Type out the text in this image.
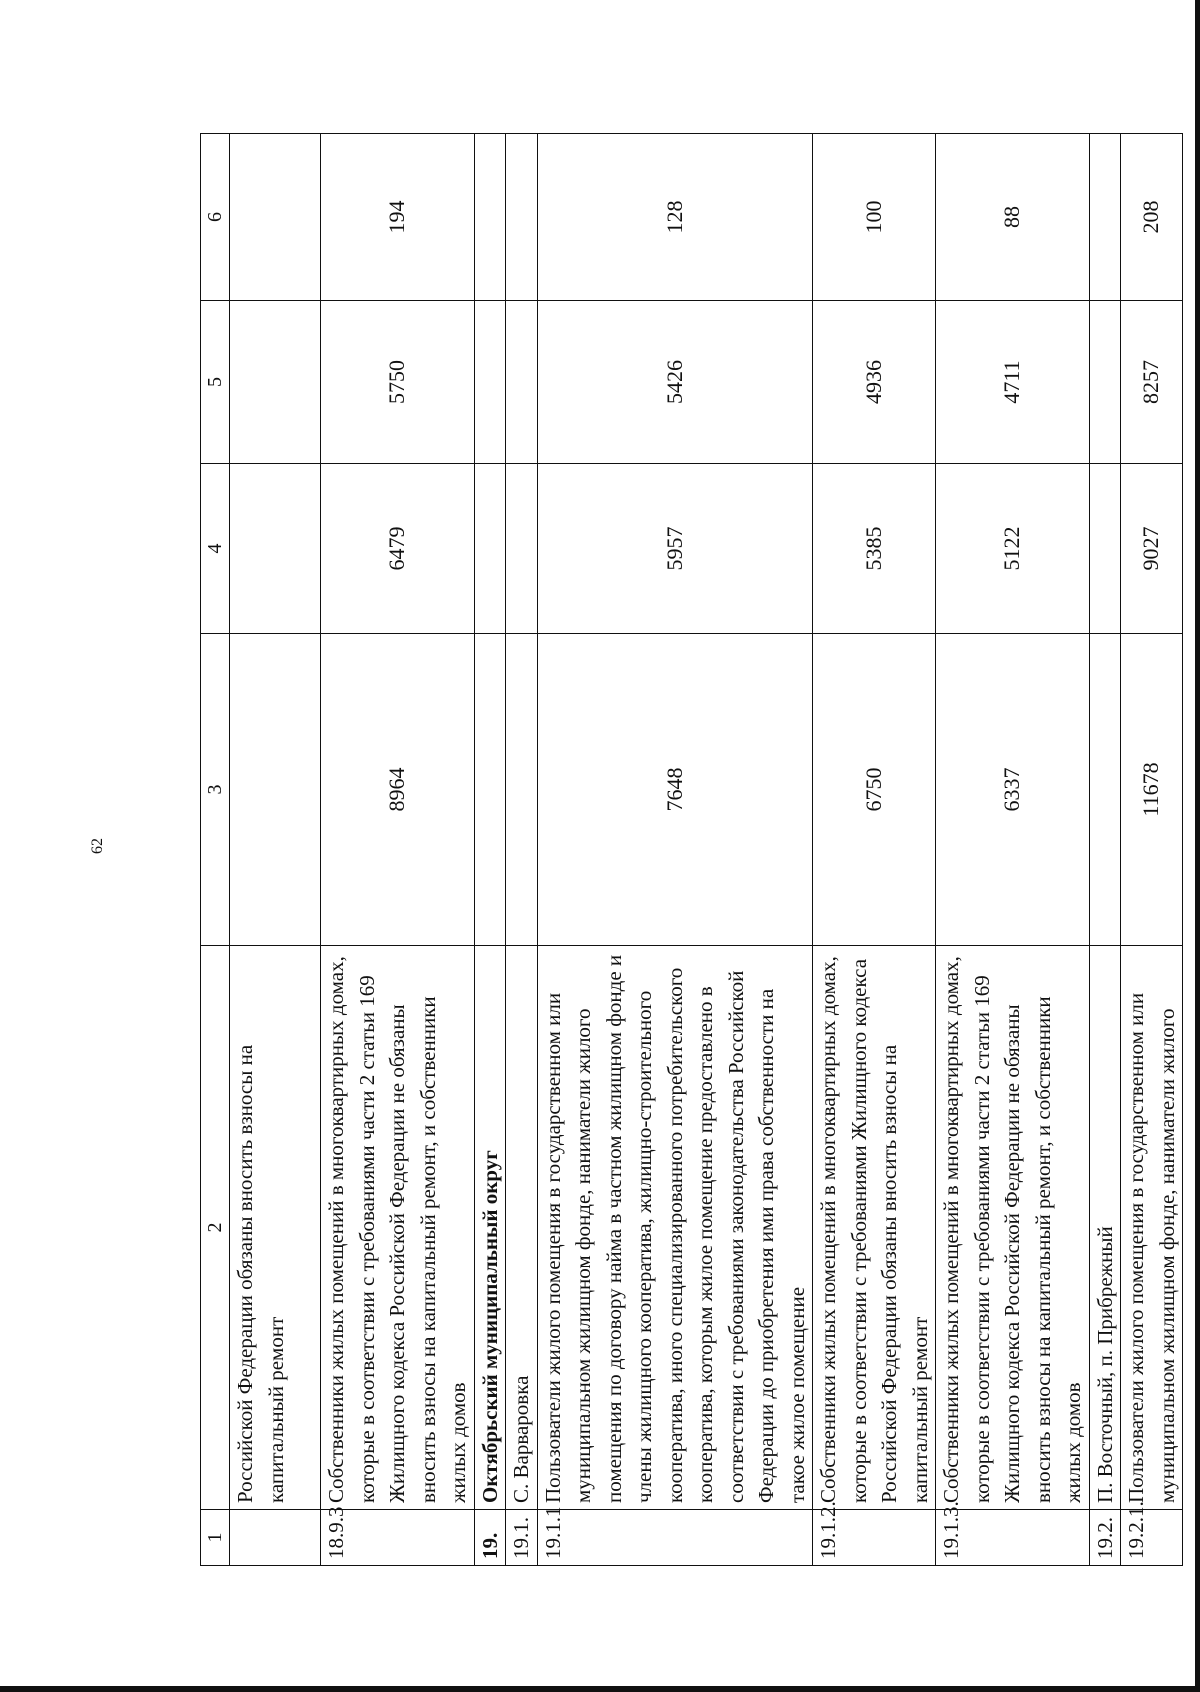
62
1	2	3	4	5	6
	Российской Федерации обязаны вносить взносы на капитальный ремонт				
18.9.3	Собственники жилых помещений в многоквартирных домах, которые в соответствии с требованиями части 2 статьи 169 Жилищного кодекса Российской Федерации не обязаны вносить взносы на капитальный ремонт, и собственники жилых домов	8964	6479	5750	194
19.	Октябрьский муниципальный округ				
19.1.	С. Варваровка				
19.1.1	Пользователи жилого помещения в государственном или муниципальном жилищном фонде, наниматели жилого помещения по договору найма в частном жилищном фонде и члены жилищного кооператива, жилищно-строительного кооператива, иного специализированного потребительского кооператива, которым жилое помещение предоставлено в соответствии с требованиями законодательства Российской Федерации до приобретения ими права собственности на такое жилое помещение	7648	5957	5426	128
19.1.2.	Собственники жилых помещений в многоквартирных домах, которые в соответствии с требованиями Жилищного кодекса Российской Федерации обязаны вносить взносы на капитальный ремонт	6750	5385	4936	100
19.1.3.	Собственники жилых помещений в многоквартирных домах, которые в соответствии с требованиями части 2 статьи 169 Жилищного кодекса Российской Федерации не обязаны вносить взносы на капитальный ремонт, и собственники жилых домов	6337	5122	4711	88
19.2.	П. Восточный, п. Прибрежный				
19.2.1.	Пользователи жилого помещения в государственном или муниципальном жилищном фонде, наниматели жилого	11678	9027	8257	208
